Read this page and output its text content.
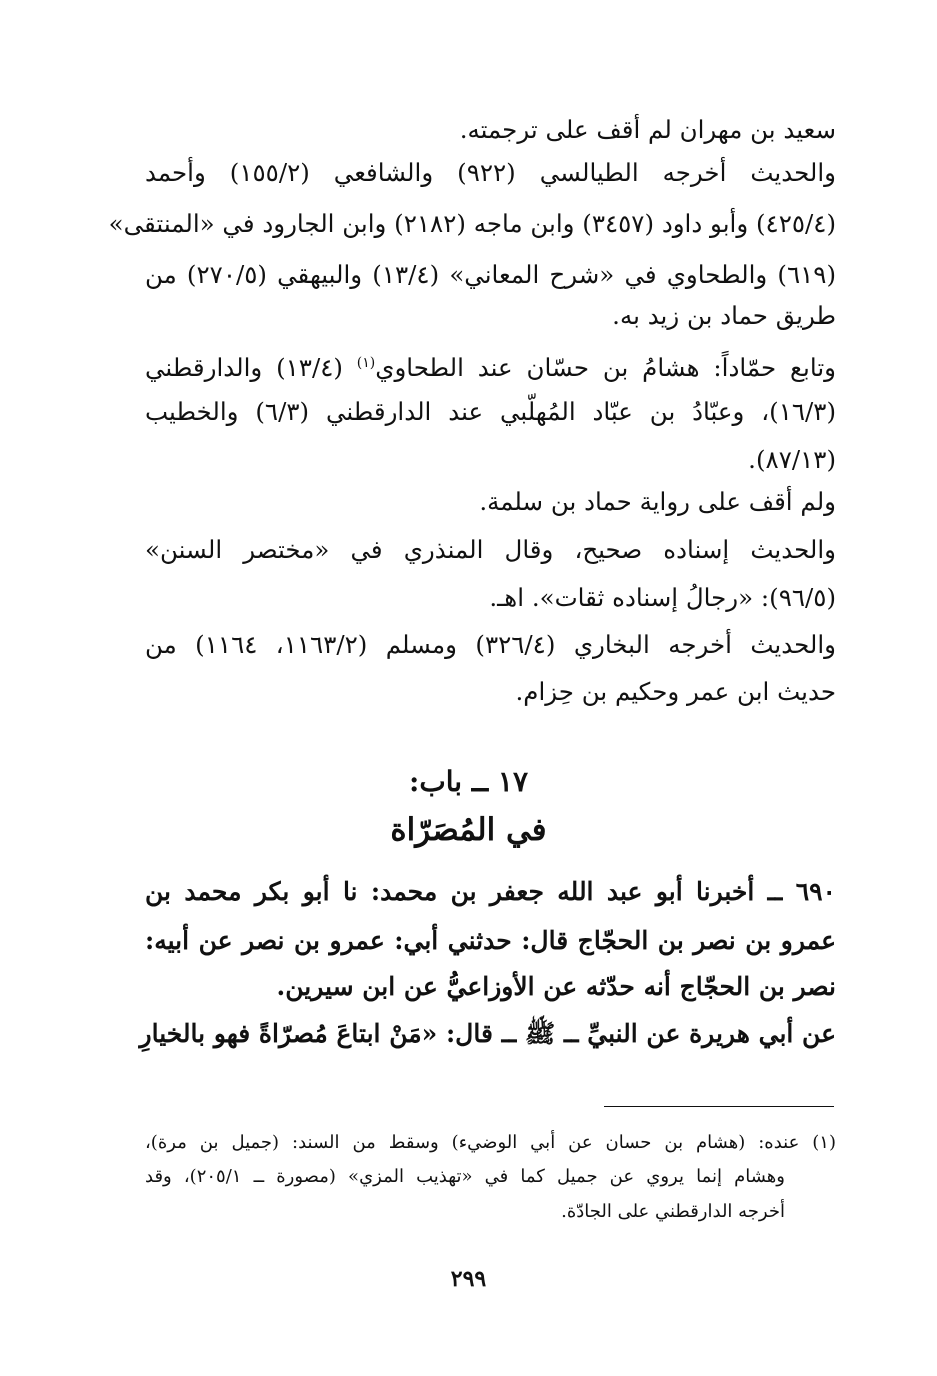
سعيد بن مهران لم أقف على ترجمته.
والحديث أخرجه الطيالسي (٩٢٢) والشافعي (١٥٥/٢) وأحمد
(٤٢٥/٤) وأبو داود (٣٤٥٧) وابن ماجه (٢١٨٢) وابن الجارود في «المنتقى»
(٦١٩) والطحاوي في «شرح المعاني» (١٣/٤) والبيهقي (٢٧٠/٥) من
طريق حماد بن زيد به.
وتابع حمّاداً: هشامُ بن حسّان عند الطحاوي$^{(١)}$ (١٣/٤) والدارقطني
(١٦/٣)، وعبّادُ بن عبّاد المُهلّبي عند الدارقطني (٦/٣) والخطيب
(٨٧/١٣).
ولم أقف على رواية حماد بن سلمة.
والحديث إسناده صحيح، وقال المنذري في «مختصر السنن»
(٩٦/٥): «رجالُ إسناده ثقات». اهـ.
والحديث أخرجه البخاري (٣٢٦/٤) ومسلم (١١٦٣/٢، ١١٦٤) من
حديث ابن عمر وحكيم بن حِزام.
١٧ ــ باب:
في المُصَرّاة
٦٩٠ ــ أخبرنا أبو عبد الله جعفر بن محمد: نا أبو بكر محمد بن
عمرو بن نصر بن الحجّاج قال: حدثني أبي: عمرو بن نصر عن أبيه:
نصر بن الحجّاج أنه حدّثه عن الأوزاعيُّ عن ابن سيرين.
عن أبي هريرة عن النبيِّ ــ ﷺ ــ قال: «مَنْ ابتاعَ مُصرّاةً فهو بالخيارِ
(١) عنده: (هشام بن حسان عن أبي الوضيء) وسقط من السند: (جميل بن مرة)،
وهشام إنما يروي عن جميل كما في «تهذيب المزي» (مصورة ــ ٢٠٥/١)، وقد
أخرجه الدارقطني على الجادّة.
٢٩٩
